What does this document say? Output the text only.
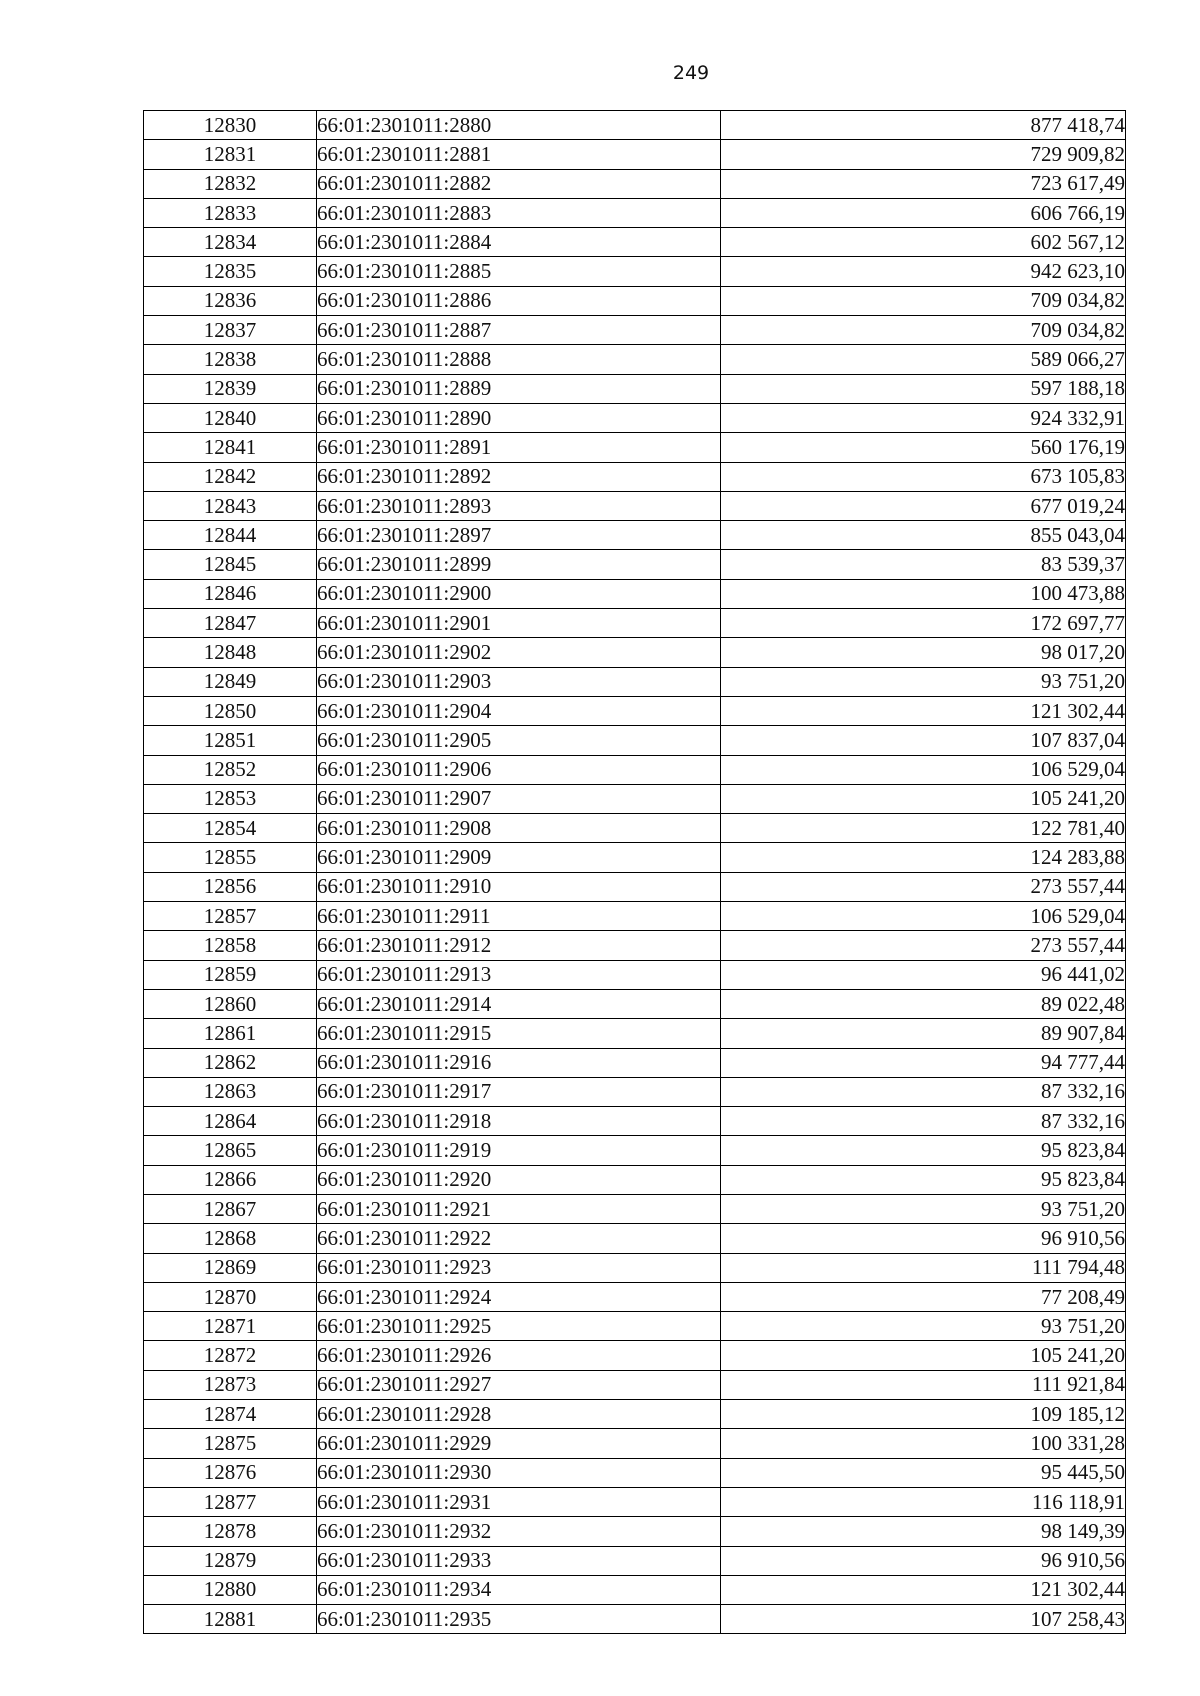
249
12830	66:01:2301011:2880	877 418,74
12831	66:01:2301011:2881	729 909,82
12832	66:01:2301011:2882	723 617,49
12833	66:01:2301011:2883	606 766,19
12834	66:01:2301011:2884	602 567,12
12835	66:01:2301011:2885	942 623,10
12836	66:01:2301011:2886	709 034,82
12837	66:01:2301011:2887	709 034,82
12838	66:01:2301011:2888	589 066,27
12839	66:01:2301011:2889	597 188,18
12840	66:01:2301011:2890	924 332,91
12841	66:01:2301011:2891	560 176,19
12842	66:01:2301011:2892	673 105,83
12843	66:01:2301011:2893	677 019,24
12844	66:01:2301011:2897	855 043,04
12845	66:01:2301011:2899	83 539,37
12846	66:01:2301011:2900	100 473,88
12847	66:01:2301011:2901	172 697,77
12848	66:01:2301011:2902	98 017,20
12849	66:01:2301011:2903	93 751,20
12850	66:01:2301011:2904	121 302,44
12851	66:01:2301011:2905	107 837,04
12852	66:01:2301011:2906	106 529,04
12853	66:01:2301011:2907	105 241,20
12854	66:01:2301011:2908	122 781,40
12855	66:01:2301011:2909	124 283,88
12856	66:01:2301011:2910	273 557,44
12857	66:01:2301011:2911	106 529,04
12858	66:01:2301011:2912	273 557,44
12859	66:01:2301011:2913	96 441,02
12860	66:01:2301011:2914	89 022,48
12861	66:01:2301011:2915	89 907,84
12862	66:01:2301011:2916	94 777,44
12863	66:01:2301011:2917	87 332,16
12864	66:01:2301011:2918	87 332,16
12865	66:01:2301011:2919	95 823,84
12866	66:01:2301011:2920	95 823,84
12867	66:01:2301011:2921	93 751,20
12868	66:01:2301011:2922	96 910,56
12869	66:01:2301011:2923	111 794,48
12870	66:01:2301011:2924	77 208,49
12871	66:01:2301011:2925	93 751,20
12872	66:01:2301011:2926	105 241,20
12873	66:01:2301011:2927	111 921,84
12874	66:01:2301011:2928	109 185,12
12875	66:01:2301011:2929	100 331,28
12876	66:01:2301011:2930	95 445,50
12877	66:01:2301011:2931	116 118,91
12878	66:01:2301011:2932	98 149,39
12879	66:01:2301011:2933	96 910,56
12880	66:01:2301011:2934	121 302,44
12881	66:01:2301011:2935	107 258,43
